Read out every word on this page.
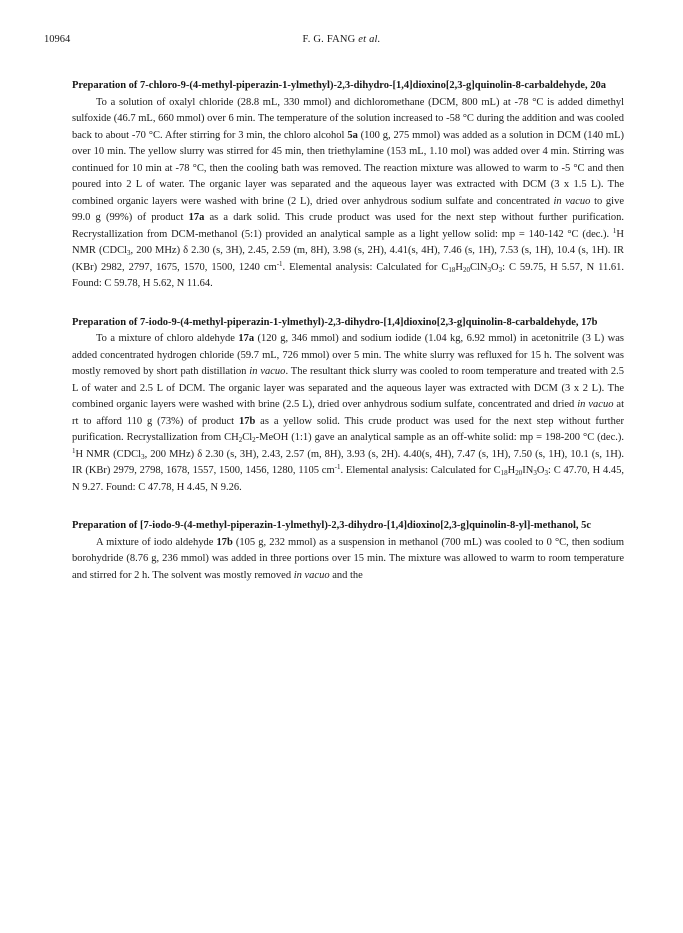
10964	F. G. FANG et al.
Preparation of 7-chloro-9-(4-methyl-piperazin-1-ylmethyl)-2,3-dihydro-[1,4]dioxino[2,3-g]quinolin-8-carbaldehyde, 20a

To a solution of oxalyl chloride (28.8 mL, 330 mmol) and dichloromethane (DCM, 800 mL) at -78 °C is added dimethyl sulfoxide (46.7 mL, 660 mmol) over 6 min. The temperature of the solution increased to -58 °C during the addition and was cooled back to about -70 °C. After stirring for 3 min, the chloro alcohol 5a (100 g, 275 mmol) was added as a solution in DCM (140 mL) over 10 min. The yellow slurry was stirred for 45 min, then triethylamine (153 mL, 1.10 mol) was added over 4 min. Stirring was continued for 10 min at -78 °C, then the cooling bath was removed. The reaction mixture was allowed to warm to -5 °C and then poured into 2 L of water. The organic layer was separated and the aqueous layer was extracted with DCM (3 x 1.5 L). The combined organic layers were washed with brine (2 L), dried over anhydrous sodium sulfate and concentrated in vacuo to give 99.0 g (99%) of product 17a as a dark solid. This crude product was used for the next step without further purification. Recrystallization from DCM-methanol (5:1) provided an analytical sample as a light yellow solid: mp = 140-142 °C (dec.). $^1$H NMR (CDCl$_3$, 200 MHz) δ 2.30 (s, 3H), 2.45, 2.59 (m, 8H), 3.98 (s, 2H), 4.41(s, 4H), 7.46 (s, 1H), 7.53 (s, 1H), 10.4 (s, 1H). IR (KBr) 2982, 2797, 1675, 1570, 1500, 1240 $cm^{-1}$. Elemental analysis: Calculated for $C_{18}H_{20}ClN_3O_3$: C 59.75, H 5.57, N 11.61. Found: C 59.78, H 5.62, N 11.64.

Preparation of 7-iodo-9-(4-methyl-piperazin-1-ylmethyl)-2,3-dihydro-[1,4]dioxino[2,3-g]quinolin-8-carbaldehyde, 17b

To a mixture of chloro aldehyde 17a (120 g, 346 mmol) and sodium iodide (1.04 kg, 6.92 mmol) in acetonitrile (3 L) was added concentrated hydrogen chloride (59.7 mL, 726 mmol) over 5 min. The white slurry was refluxed for 15 h. The solvent was mostly removed by short path distillation in vacuo. The resultant thick slurry was cooled to room temperature and treated with 2.5 L of water and 2.5 L of DCM. The organic layer was separated and the aqueous layer was extracted with DCM (3 x 2 L). The combined organic layers were washed with brine (2.5 L), dried over anhydrous sodium sulfate, concentrated and dried in vacuo at rt to afford 110 g (73%) of product 17b as a yellow solid. This crude product was used for the next step without further purification. Recrystallization from $CH_2Cl_2$-MeOH (1:1) gave an analytical sample as an off-white solid: mp = 198-200 °C (dec.). $^1$H NMR (CDCl$_3$, 200 MHz) δ 2.30 (s, 3H), 2.43, 2.57 (m, 8H), 3.93 (s, 2H). 4.40(s, 4H), 7.47 (s, 1H), 7.50 (s, 1H), 10.1 (s, 1H). IR (KBr) 2979, 2798, 1678, 1557, 1500, 1456, 1280, 1105 $cm^{-1}$. Elemental analysis: Calculated for $C_{18}H_{20}IN_3O_3$: C 47.70, H 4.45, N 9.27. Found: C 47.78, H 4.45, N 9.26.

Preparation of [7-iodo-9-(4-methyl-piperazin-1-ylmethyl)-2,3-dihydro-[1,4]dioxino[2,3-g]quinolin-8-yl]-methanol, 5c

A mixture of iodo aldehyde 17b (105 g, 232 mmol) as a suspension in methanol (700 mL) was cooled to 0 °C, then sodium borohydride (8.76 g, 236 mmol) was added in three portions over 15 min. The mixture was allowed to warm to room temperature and stirred for 2 h. The solvent was mostly removed in vacuo and the
